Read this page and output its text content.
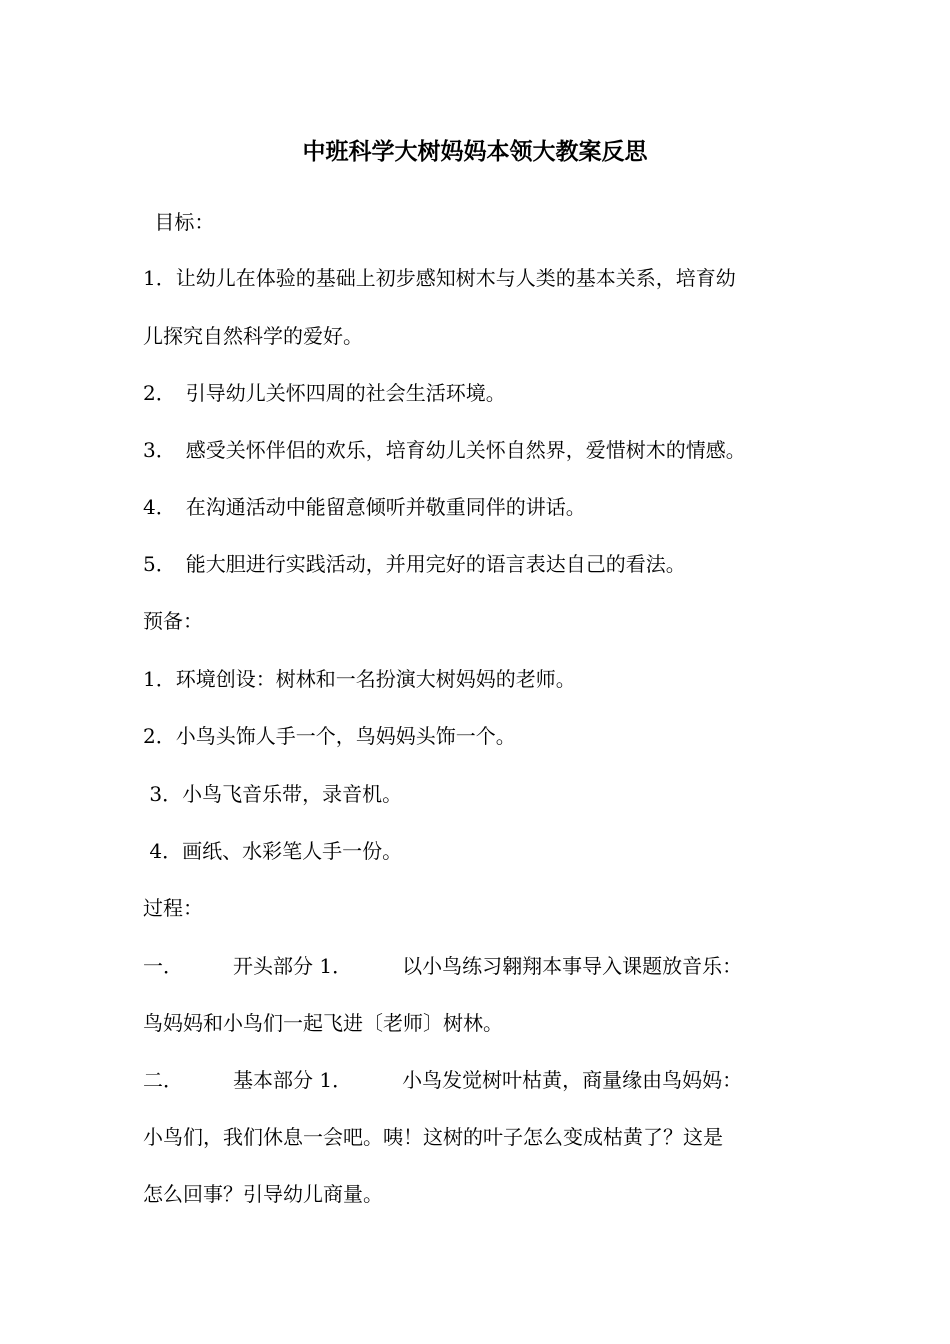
中班科学大树妈妈本领大教案反思
目标：
1．让幼儿在体验的基础上初步感知树木与人类的基本关系，培育幼
儿探究自然科学的爱好。
2．　引导幼儿关怀四周的社会生活环境。
3．　感受关怀伴侣的欢乐，培育幼儿关怀自然界，爱惜树木的情感。
4．　在沟通活动中能留意倾听并敬重同伴的讲话。
5．　能大胆进行实践活动，并用完好的语言表达自己的看法。
预备：
1．环境创设：树林和一名扮演大树妈妈的老师。
2．小鸟头饰人手一个，鸟妈妈头饰一个。
3．小鸟飞音乐带，录音机。
4．画纸、水彩笔人手一份。
过程：
一．　　　开头部分 1．　　　以小鸟练习翱翔本事导入课题放音乐：
鸟妈妈和小鸟们一起飞进〔老师〕树林。
二．　　　基本部分 1．　　　小鸟发觉树叶枯黄，商量缘由鸟妈妈：
小鸟们，我们休息一会吧。咦！这树的叶子怎么变成枯黄了？这是
怎么回事？引导幼儿商量。
